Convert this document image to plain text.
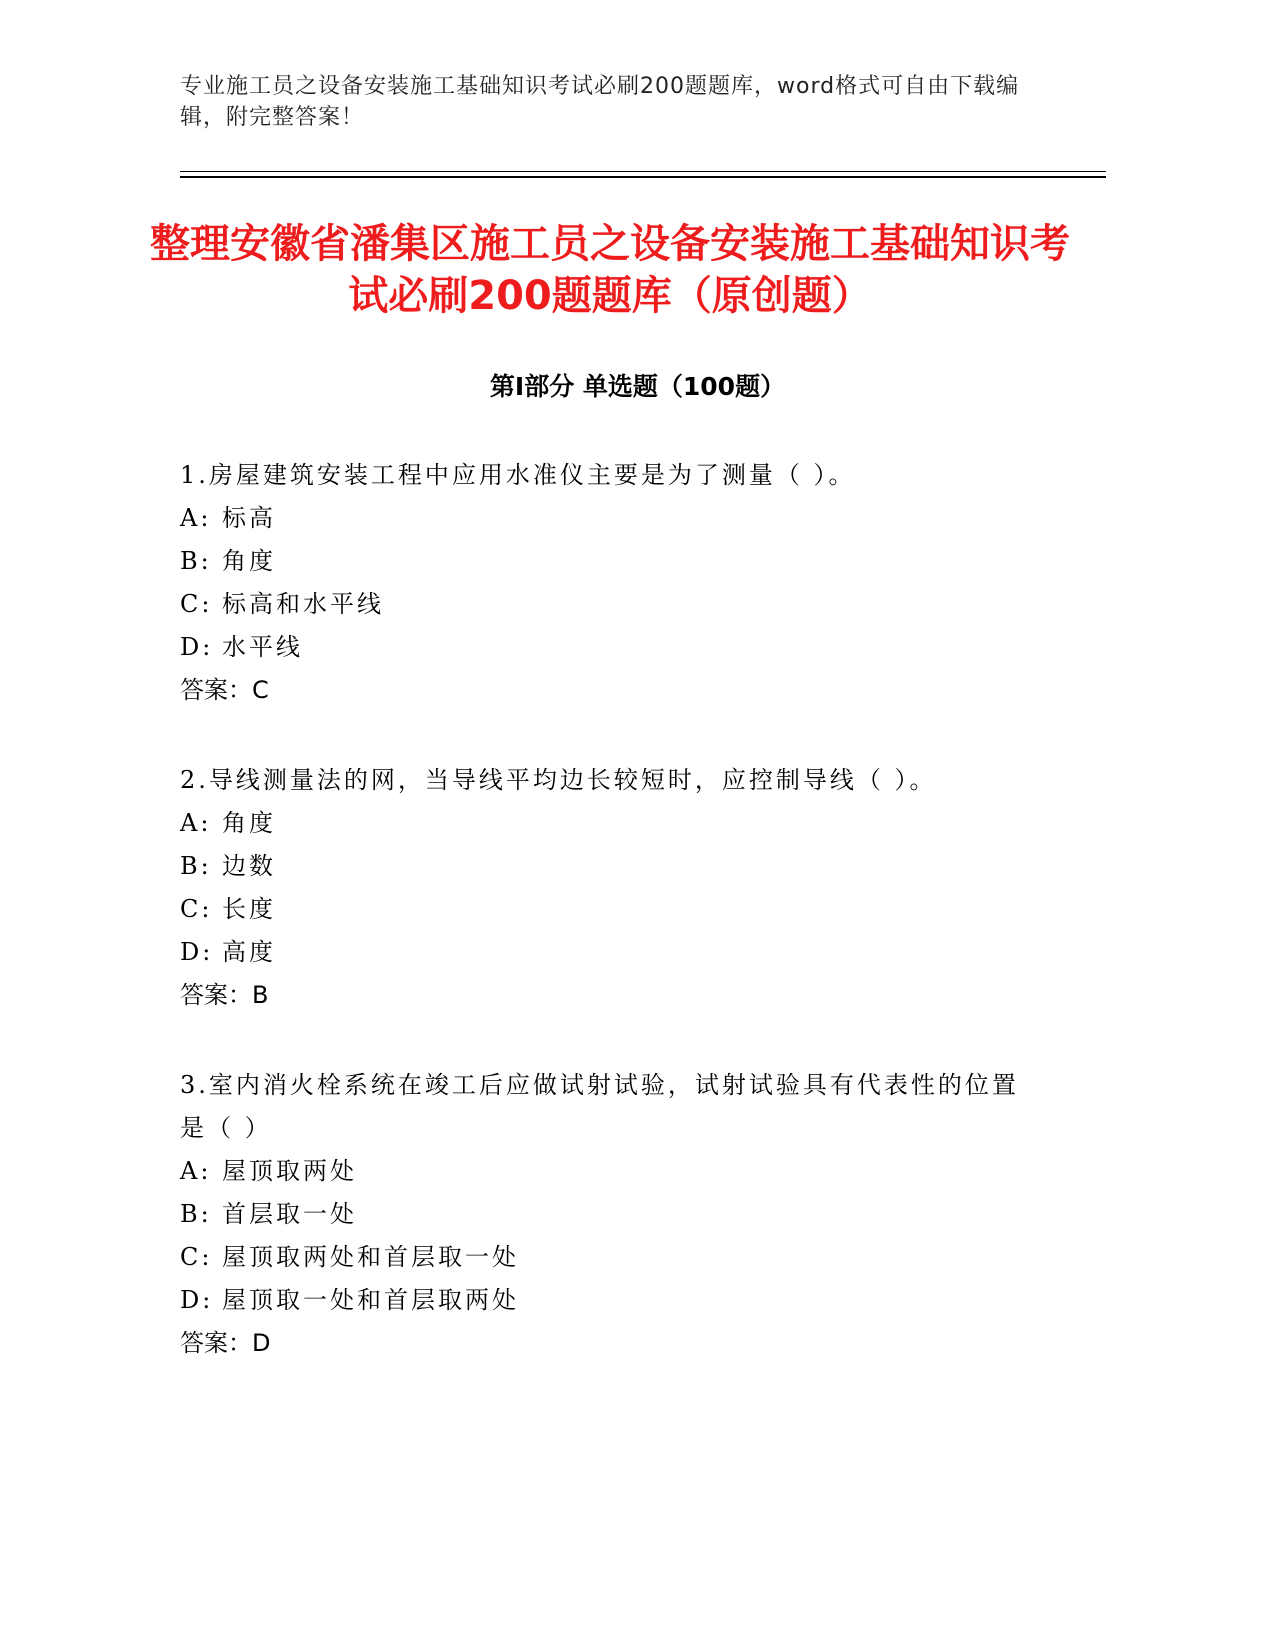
专业施工员之设备安装施工基础知识考试必刷200题题库，word格式可自由下载编辑，附完整答案！
整理安徽省潘集区施工员之设备安装施工基础知识考试必刷200题题库（原创题）
第Ⅰ部分 单选题（100题）

1.房屋建筑安装工程中应用水准仪主要是为了测量（ ）。

A: 标高

B: 角度

C: 标高和水平线

D: 水平线

答案：C

2.导线测量法的网，当导线平均边长较短时，应控制导线（ ）。

A: 角度

B: 边数

C: 长度

D: 高度

答案：B

3.室内消火栓系统在竣工后应做试射试验，试射试验具有代表性的位置是（ ）

A: 屋顶取两处

B: 首层取一处

C: 屋顶取两处和首层取一处

D: 屋顶取一处和首层取两处

答案：D
